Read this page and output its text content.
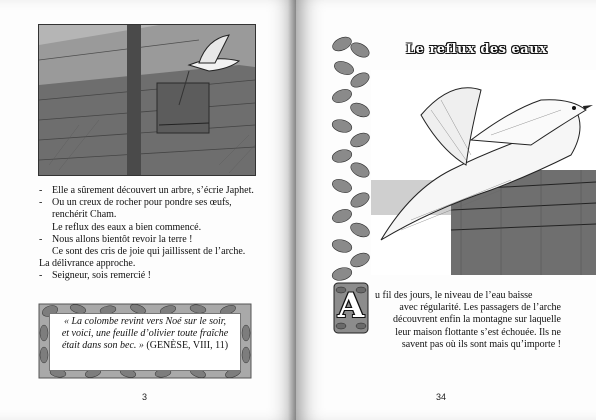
- Elle a sûrement découvert un arbre, s’écrie Japhet.
- Ou un creux de rocher pour pondre ses œufs,
renchérit Cham.
Le reflux des eaux a bien commencé.
- Nous allons bientôt revoir la terre !
Ce sont des cris de joie qui jaillissent de l’arche.
La délivrance approche.
- Seigneur, sois remercié !
« La colombe revint vers Noé sur le soir,
et voici, une feuille d’olivier toute fraîche
était dans son bec. » (GENÈSE, VIII, 11)
3
Le reflux des eaux
A	u fil des jours, le niveau de l’eau baisse
avec régularité. Les passagers de l’arche
découvrent enfin la montagne sur laquelle
leur maison flottante s’est échouée. Ils ne
savent pas où ils sont mais qu’importe !
34
